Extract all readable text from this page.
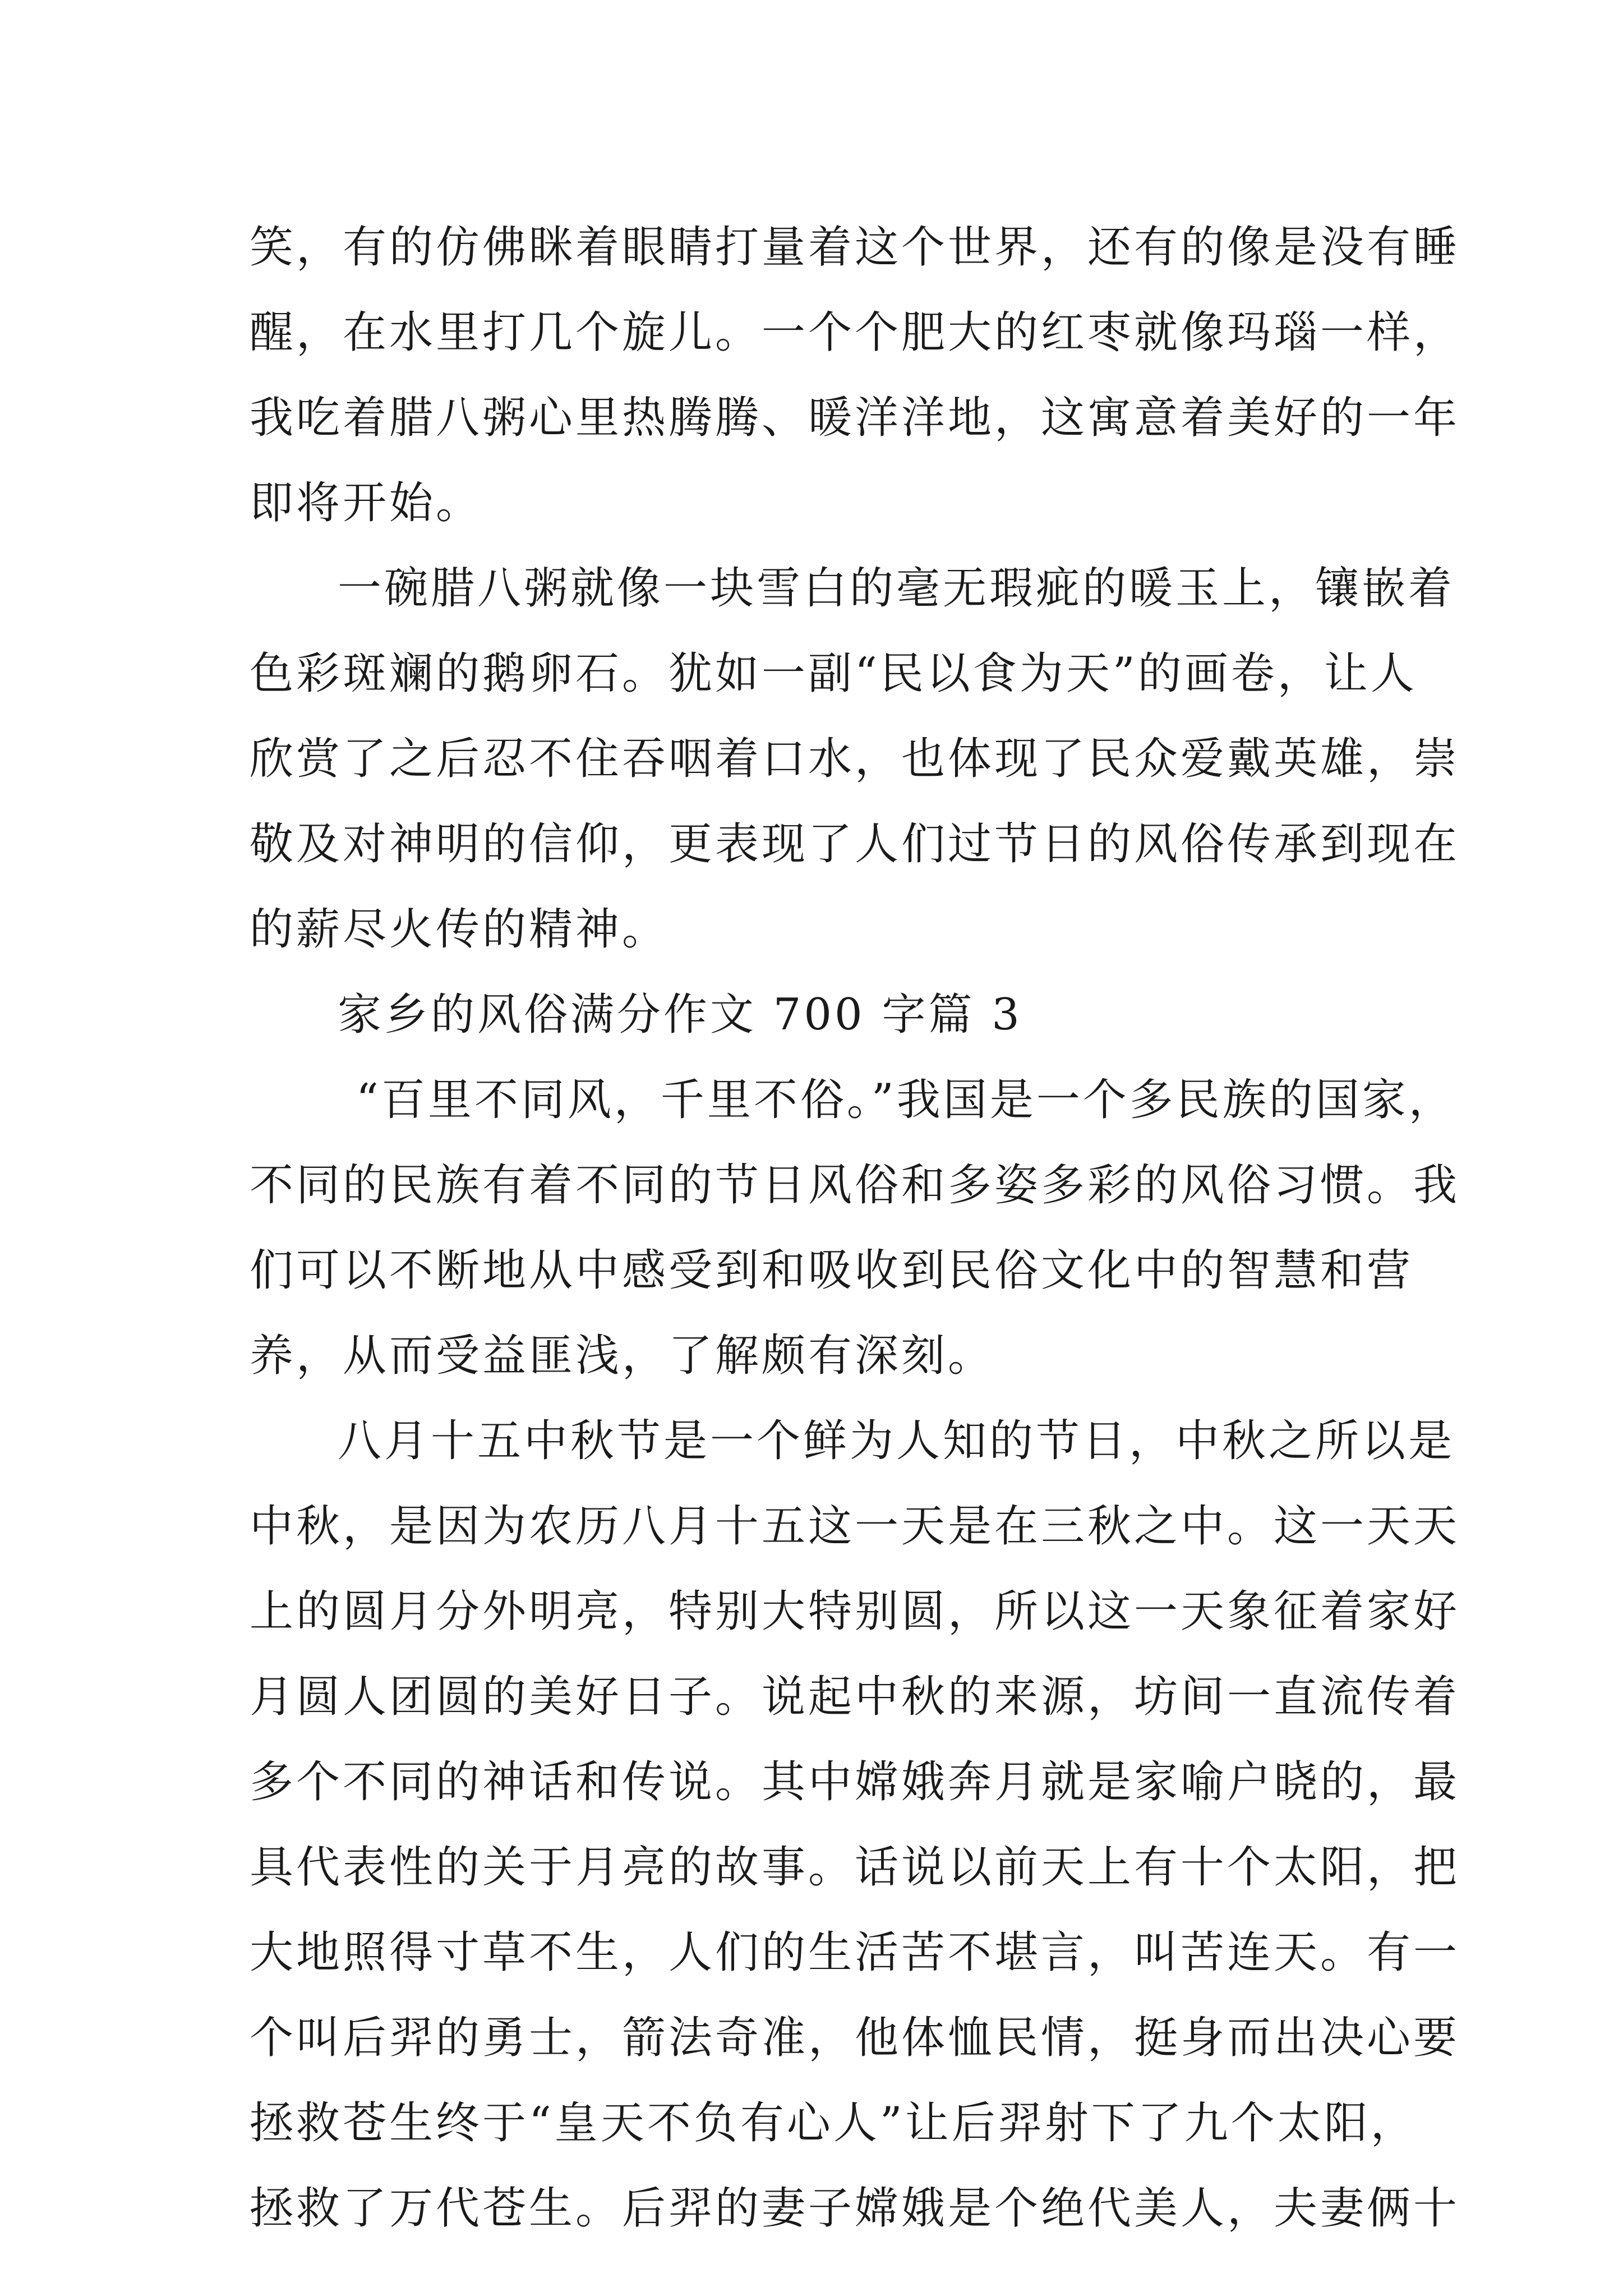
笑，有的仿佛眯着眼睛打量着这个世界，还有的像是没有睡
醒，在水里打几个旋儿。一个个肥大的红枣就像玛瑙一样，
我吃着腊八粥心里热腾腾、暖洋洋地，这寓意着美好的一年
即将开始。
一碗腊八粥就像一块雪白的毫无瑕疵的暖玉上，镶嵌着
色彩斑斓的鹅卵石。犹如一副“民以食为天”的画卷，让人
欣赏了之后忍不住吞咽着口水，也体现了民众爱戴英雄，崇
敬及对神明的信仰，更表现了人们过节日的风俗传承到现在
的薪尽火传的精神。
家乡的风俗满分作文 700 字篇 3
“百里不同风，千里不俗。”我国是一个多民族的国家，
不同的民族有着不同的节日风俗和多姿多彩的风俗习惯。我
们可以不断地从中感受到和吸收到民俗文化中的智慧和营
养，从而受益匪浅，了解颇有深刻。
八月十五中秋节是一个鲜为人知的节日，中秋之所以是
中秋，是因为农历八月十五这一天是在三秋之中。这一天天
上的圆月分外明亮，特别大特别圆，所以这一天象征着家好
月圆人团圆的美好日子。说起中秋的来源，坊间一直流传着
多个不同的神话和传说。其中嫦娥奔月就是家喻户晓的，最
具代表性的关于月亮的故事。话说以前天上有十个太阳，把
大地照得寸草不生，人们的生活苦不堪言，叫苦连天。有一
个叫后羿的勇士，箭法奇准，他体恤民情，挺身而出决心要
拯救苍生终于“皇天不负有心人”让后羿射下了九个太阳，
拯救了万代苍生。后羿的妻子嫦娥是个绝代美人，夫妻俩十
